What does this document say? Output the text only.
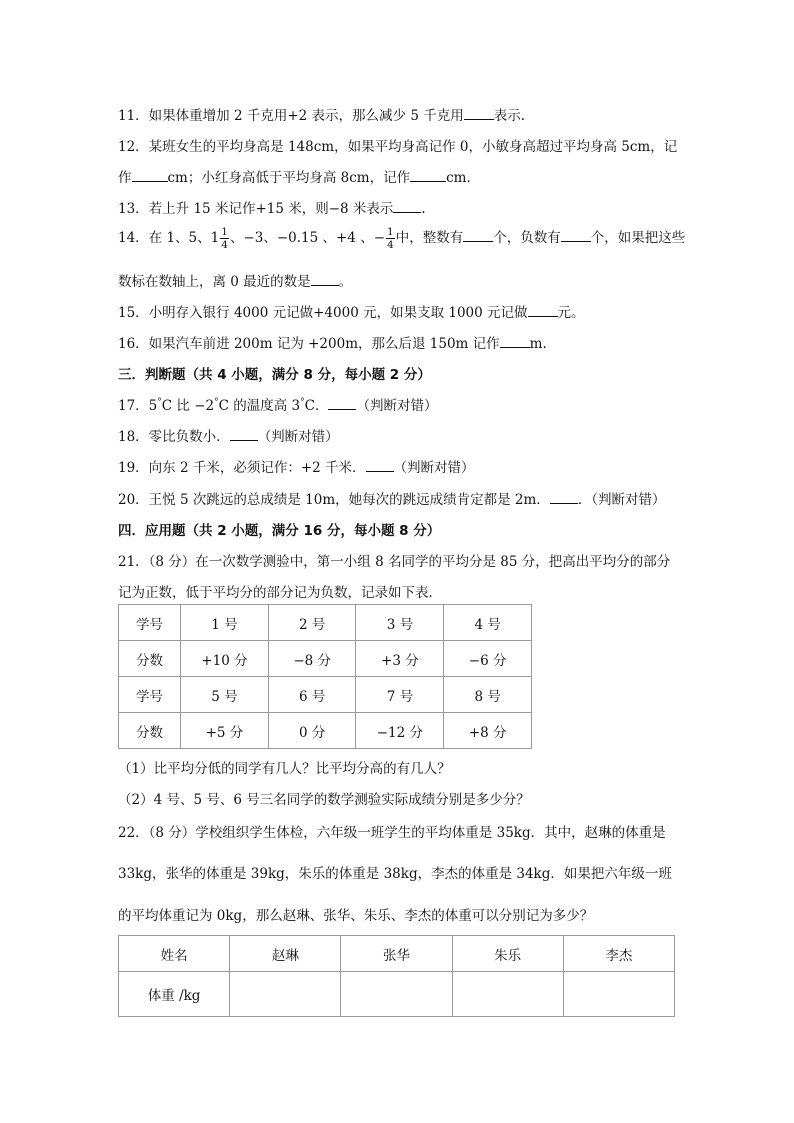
11．如果体重增加 2 千克用+2 表示，那么减少 5 千克用 表示.
12．某班女生的平均身高是 148cm，如果平均身高记作 0，小敏身高超过平均身高 5cm，记
作	cm；小红身高低于平均身高 8cm，记作	cm．
13．若上升 15 米记作+15 米，则−8 米表示 .
14．在 1、5、$1 \frac{1}{4}$ 、−3、−0.15 、+4 、− $\frac{1}{4}$ 中，整数有 个，负数有 个，如果把这些
数标在数轴上，离 0 最近的数是 。
15．小明存入银行 4000 元记做+4000 元，如果支取 1000 元记做 元。
16．如果汽车前进 200m 记为 +200m，那么后退 150m 记作 m.
三．判断题（共 4 小题，满分 8 分，每小题 2 分）
17．5°C 比 −2°C 的温度高 3°C． （判断对错）
18．零比负数小． （判断对错）
19．向东 2 千米，必须记作：+2 千米． （判断对错）
20．王悦 5 次跳远的总成绩是 10m，她每次的跳远成绩肯定都是 2m． ．（判断对错）
四．应用题（共 2 小题，满分 16 分，每小题 8 分）
21．（8 分）在一次数学测验中，第一小组 8 名同学的平均分是 85 分，把高出平均分的部分
记为正数，低于平均分的部分记为负数，记录如下表．
学号	1 号	2 号	3 号	4 号
分数	+10 分	−8 分	+3 分	−6 分
学号	5 号	6 号	7 号	8 号
分数	+5 分	0 分	−12 分	+8 分
（1）比平均分低的同学有几人？比平均分高的有几人？
（2）4 号、5 号、6 号三名同学的数学测验实际成绩分别是多少分？
22．（8 分）学校组织学生体检，六年级一班学生的平均体重是 35kg．其中，赵琳的体重是
33kg，张华的体重是 39kg，朱乐的体重是 38kg，李杰的体重是 34kg．如果把六年级一班
的平均体重记为 0kg，那么赵琳、张华、朱乐、李杰的体重可以分别记为多少？
姓名	赵琳	张华	朱乐	李杰
体重 /kg				
